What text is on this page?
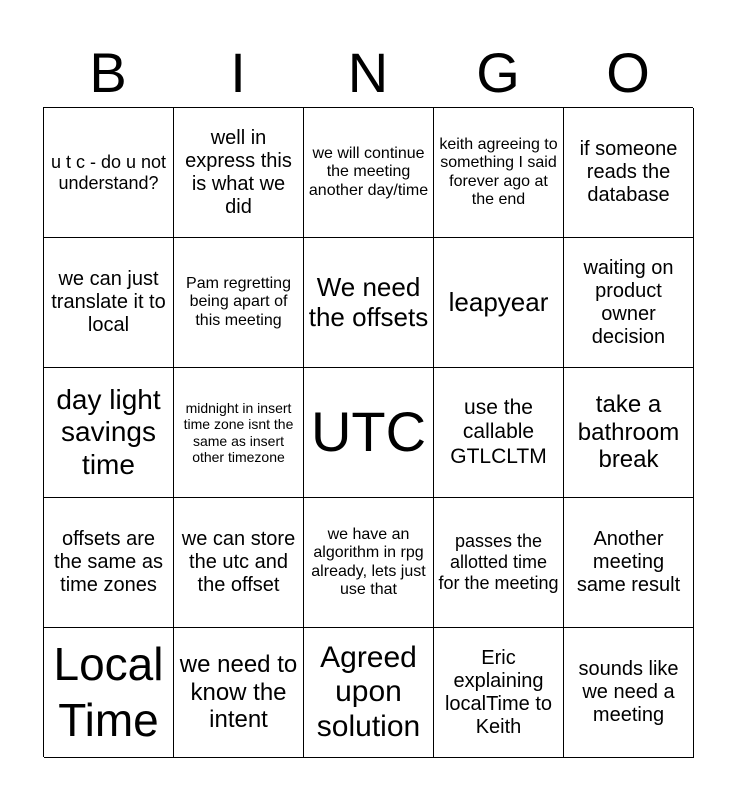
B	I	N	G	O
u t c - do u not understand?
well in express this is what we did
we will continue the meeting another day/time
keith agreeing to something I said forever ago at the end
if someone reads the database
we can just translate it to local
Pam regretting being apart of this meeting
We need the offsets leapyear
waiting on product owner decision
day light savings time
midnight in insert time zone isnt the same as insert other timezone UTC	use the callable GTLCLTM
take a bathroom break
offsets are the same as time zones
we can store the utc and the offset
we have an algorithm in rpg already, lets just use that
passes the allotted time for the meeting
Another meeting same result
Local Time
we need to know the intent
Agreed upon solution
Eric explaining localTime to Keith
sounds like we need a meeting
